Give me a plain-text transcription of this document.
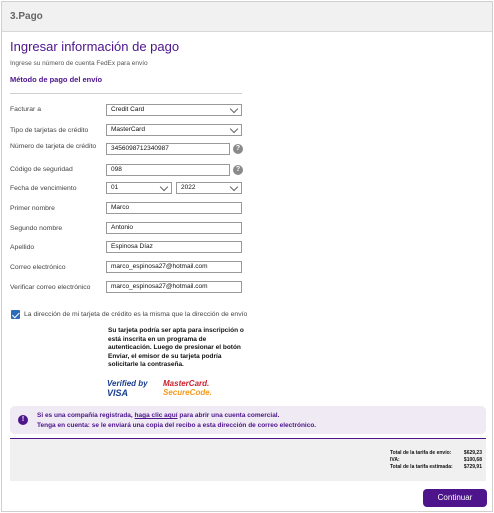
3.Pago
Ingresar información de pago
Ingrese su número de cuenta FedEx para envío
Método de pago del envío
Facturar a	Credit Card
Tipo de tarjetas de crédito	MasterCard
Número de tarjeta de crédito	3456098712340987	?
Código de seguridad	098	?
Fecha de vencimiento	01	2022
Primer nombre	Marco
Segundo nombre	Antonio
Apellido	Espinosa Díaz
Correo electrónico	marco_espinosa27@hotmail.com
Verificar correo electrónico	marco_espinosa27@hotmail.com
La dirección de mi tarjeta de crédito es la misma que la dirección de envío
Su tarjeta podría ser apta para inscripción o está inscrita en un programa de autenticación. Luego de presionar el botón Enviar, el emisor de su tarjeta podría solicitarle la contraseña.
Verified by
VISA
MasterCard.
SecureCode.
!
Si es una compañía registrada, haga clic aquí para abrir una cuenta comercial.
Tenga en cuenta: se le enviará una copia del recibo a esta dirección de correo electrónico.
Total de la tarifa de envío:	$629,23
IVA:	$100,68
Total de la tarifa estimada: $729,91
Continuar
